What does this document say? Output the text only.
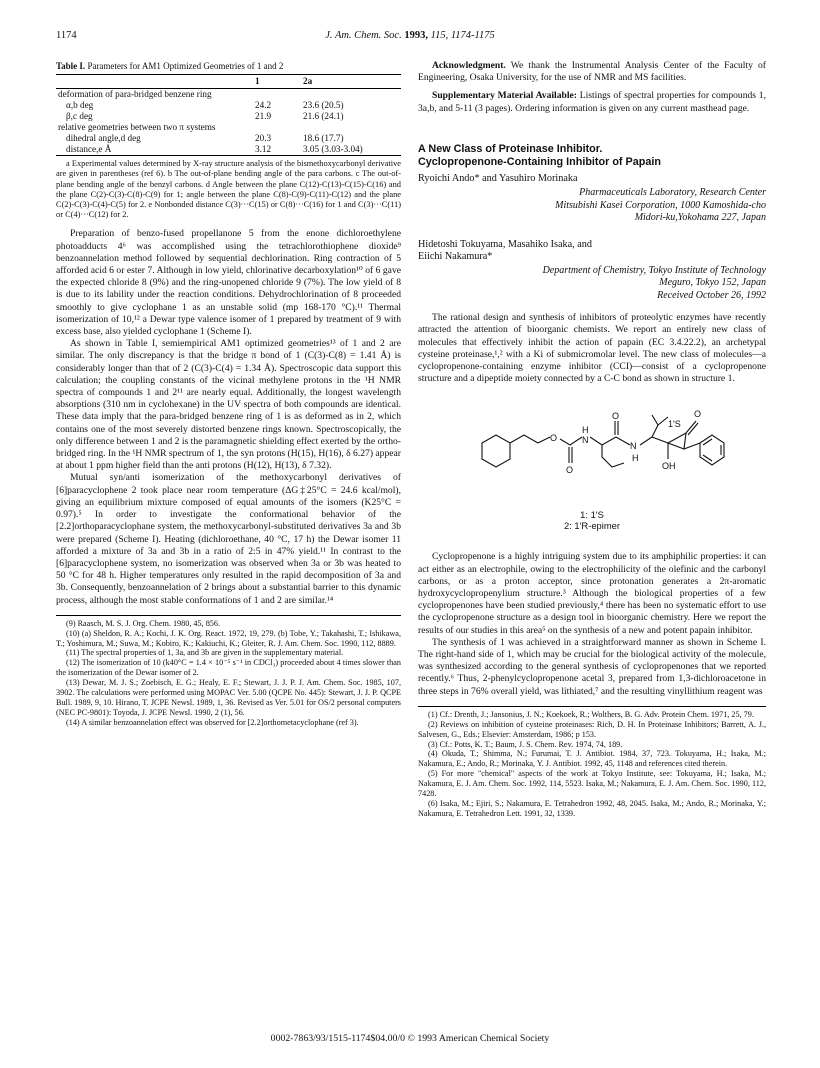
1174	J. Am. Chem. Soc. 1993, 115, 1174-1175
Table I. Parameters for AM1 Optimized Geometries of 1 and 2
	1	2a
deformation of para-bridged benzene ring		
α,b deg	24.2	23.6 (20.5)
β,c deg	21.9	21.6 (24.1)
relative geometries between two π systems		
dihedral angle,d deg	20.3	18.6 (17.7)
distance,e Å	3.12	3.05 (3.03-3.04)

a Experimental values determined by X-ray structure analysis of the bismethoxycarbonyl derivative are given in parentheses (ref 6). b The out-of-plane bending angle of the para carbons. c The out-of-plane bending angle of the benzyl carbons. d Angle between the plane C(12)-C(13)-C(15)-C(16) and the plane C(2)-C(3)-C(8)-C(9) for 1; angle between the plane C(8)-C(9)-C(11)-C(12) and the plane C(2)-C(3)-C(4)-C(5) for 2. e Nonbonded distance C(3)···C(15) or C(8)···C(16) for 1 and C(3)···C(11) or C(4)···C(12) for 2.

Preparation of benzo-fused propellanone 5 from the enone dichloroethylene photoadducts 4⁶ was accomplished using the tetrachlorothiophene dioxide⁹ benzoannelation method followed by sequential dechlorination. Ring contraction of 5 afforded acid 6 or ester 7. Although in low yield, chlorinative decarboxylation¹⁰ of 6 gave the expected chloride 8 (9%) and the ring-unopened chloride 9 (7%). The low yield of 8 is due to its lability under the reaction conditions. Dehydrochlorination of 8 proceeded smoothly to give cyclophane 1 as an unstable solid (mp 168-170 °C).¹¹ Thermal isomerization of 10,¹² a Dewar type valence isomer of 1 prepared by treatment of 9 with excess base, also yielded cyclophane 1 (Scheme I).

As shown in Table I, semiempirical AM1 optimized geometries¹³ of 1 and 2 are similar. The only discrepancy is that the bridge π bond of 1 (C(3)-C(8) = 1.41 Å) is considerably longer than that of 2 (C(3)-C(4) = 1.34 Å). Spectroscopic data support this calculation; the coupling constants of the vicinal methylene protons in the ¹H NMR spectra of compounds 1 and 2¹¹ are nearly equal. Additionally, the longest wavelength absorptions (310 nm in cyclohexane) in the UV spectra of both compounds are identical. These data imply that the para-bridged benzene ring of 1 is as deformed as in 2, which contains one of the most severely distorted benzene rings known. Spectroscopically, the only difference between 1 and 2 is the paramagnetic shielding effect exerted by the ortho-bridged ring. In the ¹H NMR spectrum of 1, the syn protons (H(15), H(16), δ 6.27) appear at about 1 ppm higher field than the anti protons (H(12), H(13), δ 7.32).

Mutual syn/anti isomerization of the methoxycarbonyl derivatives of [6]paracyclophene 2 took place near room temperature (ΔG‡25°C = 24.6 kcal/mol), giving an equilibrium mixture composed of equal amounts of the isomers (K25°C = 0.97).⁵ In order to investigate the conformational behavior of the [2.2]orthoparacyclophane system, the methoxycarbonyl-substituted derivatives 3a and 3b were prepared (Scheme I). Heating (dichloroethane, 40 °C, 17 h) the Dewar isomer 11 afforded a mixture of 3a and 3b in a ratio of 2:5 in 47% yield.¹¹ In contrast to the [6]paracyclophene system, no isomerization was observed when 3a or 3b was heated to 50 °C for 48 h. Higher temperatures only resulted in the rapid decomposition of 3a and 3b. Consequently, benzoannelation of 2 brings about a substantial barrier to this dynamic process, although the most stable conformations of 1 and 2 are similar.¹⁴

(9) Raasch, M. S. J. Org. Chem. 1980, 45, 856.

(10) (a) Sheldon, R. A.; Kochi, J. K. Org. React. 1972, 19, 279. (b) Tobe, Y.; Takahashi, T.; Ishikawa, T.; Yoshimura, M.; Suwa, M.; Kobiro, K.; Kakiuchi, K.; Gleiter, R. J. Am. Chem. Soc. 1990, 112, 8889.

(11) The spectral properties of 1, 3a, and 3b are given in the supplementary material.

(12) The isomerization of 10 (k40°C = 1.4 × 10⁻⁵ s⁻¹ in CDCl₃) proceeded about 4 times slower than the isomerization of the Dewar isomer of 2.

(13) Dewar, M. J. S.; Zoebisch, E. G.; Healy, E. F.; Stewart, J. J. P. J. Am. Chem. Soc. 1985, 107, 3902. The calculations were performed using MOPAC Ver. 5.00 (QCPE No. 445): Stewart, J. J. P. QCPE Bull. 1989, 9, 10. Hirano, T. JCPE Newsl. 1989, 1, 36. Revised as Ver. 5.01 for OS/2 personal computers (NEC PC-9801): Toyoda, J. JCPE Newsl. 1990, 2 (1), 56.

(14) A similar benzoannelation effect was observed for [2.2]orthometacyclophane (ref 3).

Acknowledgment. We thank the Instrumental Analysis Center of the Faculty of Engineering, Osaka University, for the use of NMR and MS facilities.

Supplementary Material Available: Listings of spectral properties for compounds 1, 3a,b, and 5-11 (3 pages). Ordering information is given on any current masthead page.

A New Class of Proteinase Inhibitor.
Cyclopropenone-Containing Inhibitor of Papain
Ryoichi Ando* and Yasuhiro Morinaka
Pharmaceuticals Laboratory, Research Center
Mitsubishi Kasei Corporation, 1000 Kamoshida-cho
Midori-ku,Yokohama 227, Japan
Hidetoshi Tokuyama, Masahiko Isaka, and
Eiichi Nakamura*
Department of Chemistry, Tokyo Institute of Technology
Meguro, Tokyo 152, Japan
Received October 26, 1992

The rational design and synthesis of inhibitors of proteolytic enzymes have recently attracted the attention of bioorganic chemists. We report an entirely new class of molecules that effectively inhibit the action of papain (EC 3.4.22.2), an archetypal cysteine proteinase,¹,² with a Ki of submicromolar level. The new class of molecules—a cyclopropenone-containing enzyme inhibitor (CCI)—consist of a cyclopropenone structure and a dipeptide moiety connected by a C-C bond as shown in structure 1.

O
H
N
O
O
N
H
1'S
O
OH
1: 1'S
2: 1'R-epimer

Cyclopropenone is a highly intriguing system due to its amphiphilic properties: it can act either as an electrophile, owing to the electrophilicity of the olefinic and the carbonyl carbons, or as a proton acceptor, since protonation generates a 2π-aromatic hydroxycyclopropenylium structure.³ Although the biological properties of a few cyclopropenones have been studied previously,⁴ there has been no systematic effort to use the cyclopropenone structure as a design tool in bioorganic chemistry. Here we report the results of our studies in this area⁵ on the synthesis of a new and potent papain inhibitor.

The synthesis of 1 was achieved in a straightforward manner as shown in Scheme I. The right-hand side of 1, which may be crucial for the biological activity of the molecule, was synthesized according to the general synthesis of cyclopropenones that we reported recently.⁶ Thus, 2-phenylcyclopropenone acetal 3, prepared from 1,3-dichloroacetone in three steps in 76% overall yield, was lithiated,⁷ and the resulting vinyllithium reagent was

(1) Cf.: Drenth, J.; Jansonius, J. N.; Koekoek, R.; Wolthers, B. G. Adv. Protein Chem. 1971, 25, 79.

(2) Reviews on inhibition of cysteine proteinases: Rich, D. H. In Proteinase Inhibitors; Barrett, A. J., Salvesen, G., Eds.; Elsevier: Amsterdam, 1986; p 153.

(3) Cf.: Potts, K. T.; Baum, J. S. Chem. Rev. 1974, 74, 189.

(4) Okuda, T.; Shimma, N.; Furumai, T. J. Antibiot. 1984, 37, 723. Tokuyama, H.; Isaka, M.; Nakamura, E.; Ando, R.; Morinaka, Y. J. Antibiot. 1992, 45, 1148 and references cited therein.

(5) For more "chemical" aspects of the work at Tokyo Institute, see: Tokuyama, H.; Isaka, M.; Nakamura, E. J. Am. Chem. Soc. 1992, 114, 5523. Isaka, M.; Nakamura, E. J. Am. Chem. Soc. 1990, 112, 7428.

(6) Isaka, M.; Ejiri, S.; Nakamura, E. Tetrahedron 1992, 48, 2045. Isaka, M.; Ando, R.; Morinaka, Y.; Nakamura, E. Tetrahedron Lett. 1991, 32, 1339.

0002-7863/93/1515-1174$04.00/0 © 1993 American Chemical Society
